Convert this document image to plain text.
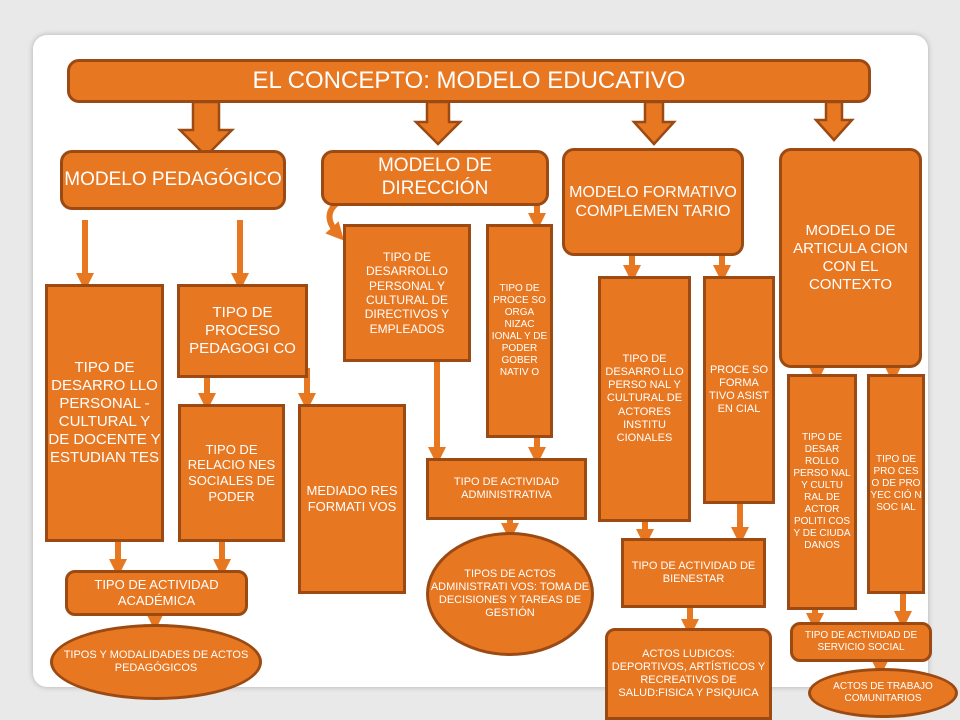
EL CONCEPTO: MODELO EDUCATIVO
MODELO PEDAGÓGICO
MODELO DE DIRECCIÓN	MODELO FORMATIVO COMPLEMEN TARIO
MODELO DE ARTICULA CION CON EL CONTEXTO
TIPO DE DESARRO LLO PERSONAL - CULTURAL Y DE DOCENTE Y ESTUDIAN TES
TIPO DE PROCESO PEDAGOGI CO
TIPO DE RELACIO NES SOCIALES DE PODER	MEDIADO RES FORMATI VOS
TIPO DE ACTIVIDAD ACADÉMICA
TIPOS Y MODALIDADES DE ACTOS PEDAGÓGICOS
TIPO DE DESARROLLO PERSONAL Y CULTURAL DE DIRECTIVOS Y EMPLEADOS
TIPO DE PROCE SO ORGA NIZAC IONAL Y DE PODER GOBER NATIV O
TIPO DE ACTIVIDAD ADMINISTRATIVA
TIPOS DE ACTOS ADMINISTRATI VOS: TOMA DE DECISIONES Y TAREAS DE GESTIÓN
TIPO DE DESARRO LLO PERSO NAL Y CULTURAL DE ACTORES INSTITU CIONALES
PROCE SO FORMA TIVO ASIST EN CIAL
TIPO DE ACTIVIDAD DE BIENESTAR
ACTOS LUDICOS: DEPORTIVOS, ARTÍSTICOS Y RECREATIVOS DE SALUD:FISICA Y PSIQUICA
TIPO DE DESAR ROLLO PERSO NAL Y CULTU RAL DE ACTOR POLITI COS Y DE CIUDA DANOS
TIPO DE PRO CES O DE PRO YEC CIÓ N SOC IAL
TIPO DE ACTIVIDAD DE SERVICIO SOCIAL
ACTOS DE TRABAJO COMUNITARIOS
